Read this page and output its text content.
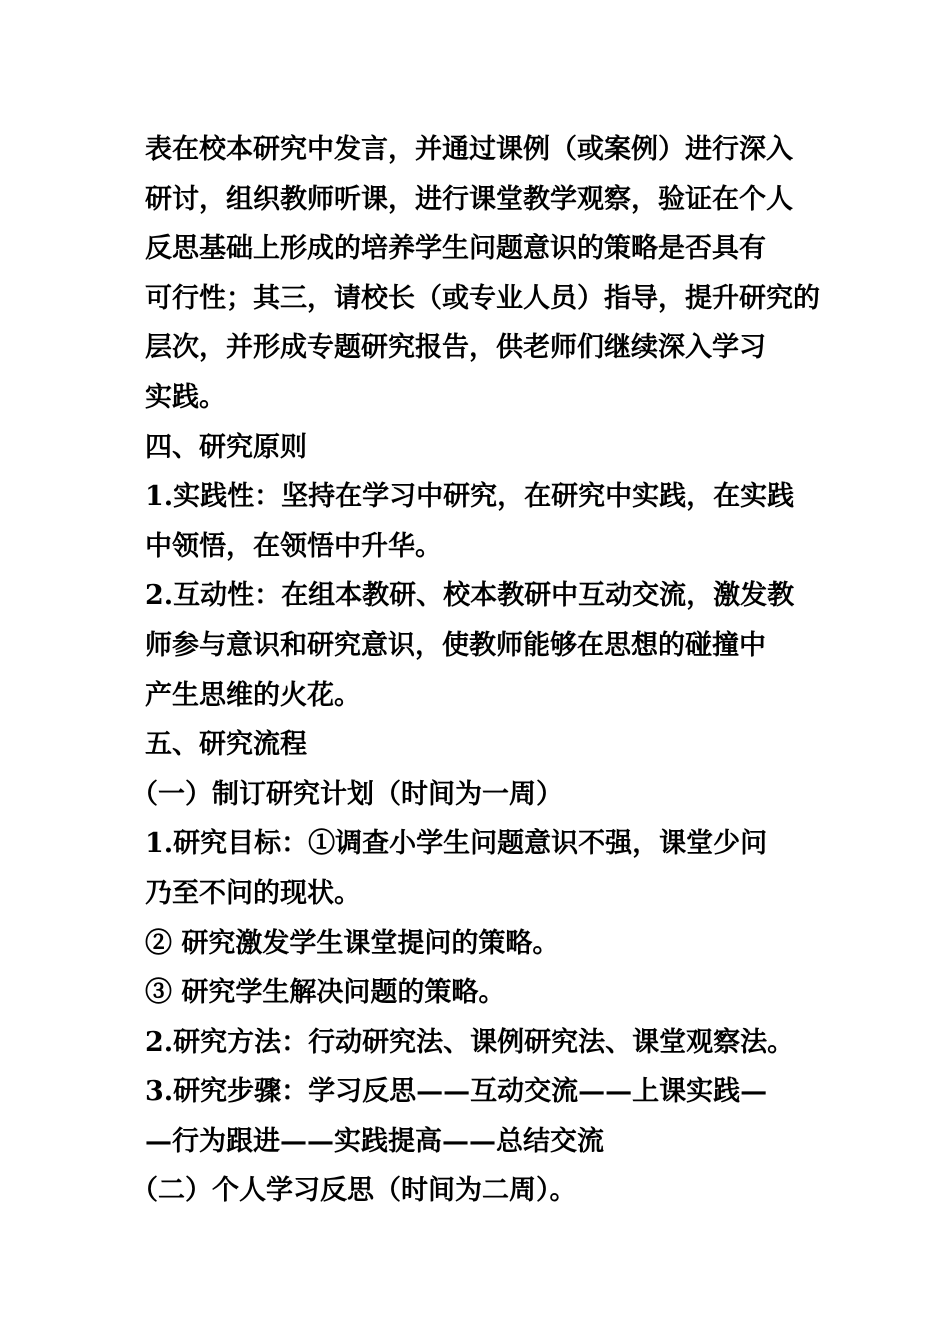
表在校本研究中发言，并通过课例（或案例）进行深入
研讨，组织教师听课，进行课堂教学观察，验证在个人
反思基础上形成的培养学生问题意识的策略是否具有
可行性；其三，请校长（或专业人员）指导，提升研究的
层次，并形成专题研究报告，供老师们继续深入学习
实践。
四、研究原则
1.实践性：坚持在学习中研究，在研究中实践，在实践
中领悟，在领悟中升华。
2.互动性：在组本教研、校本教研中互动交流，激发教
师参与意识和研究意识，使教师能够在思想的碰撞中
产生思维的火花。
五、研究流程
（一）制订研究计划（时间为一周）
1.研究目标：①调查小学生问题意识不强，课堂少问
乃至不问的现状。
② 研究激发学生课堂提问的策略。
③ 研究学生解决问题的策略。
2.研究方法：行动研究法、课例研究法、课堂观察法。
3.研究步骤：学习反思——互动交流——上课实践—
—行为跟进——实践提高——总结交流
（二）个人学习反思（时间为二周）。
